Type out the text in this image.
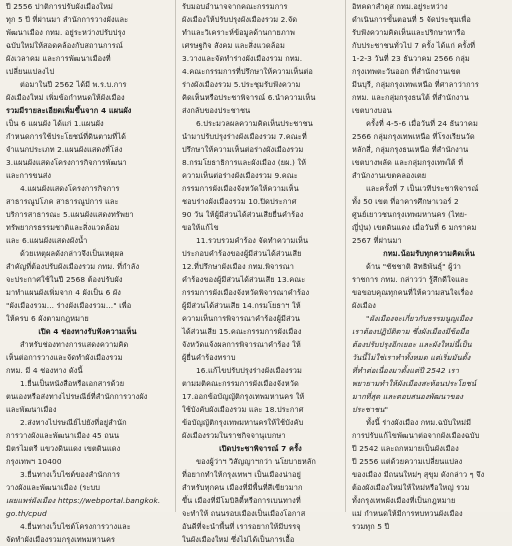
ปี 2556 ปาติการปรับผังเมืองใหม่

ทุก 5 ปี ที่ผ่านมา สำนักการวางผังและ

พัฒนาเมือง กทม. อยู่ระหว่างปรับปรุง

ฉบับใหม่ให้สอดคล้องกับสถานการณ์

ผังเวลาคม และการพัฒนาเมืองที่

เปลี่ยนแปลงไป

ต่อมาในปี 2562 ได้มี พ.ร.บ.การ

ผังเมืองใหม่ เพิ่มข้อกำหนดให้ผังเมือง

รวมมีรายละเอียดเพิ่มขึ้นจาก 4 แผนผัง

เป็น 6 แผนผัง ได้แก่ 1.แผนผัง

กำหนดการใช้ประโยชน์ที่ดินตามที่ได้

จำแนกประเภท 2.แผนผังแสดงที่โล่ง

3.แผนผังแสดงโครงการกิจการพัฒนา

และการขนส่ง

4.แผนผังแสดงโครงการกิจการ

สาธารณูปโภค สาธารณูปการ และ

บริการสาธารณะ 5.แผนผังแสดงทรัพยา

ทรัพยากรธรรมชาติและสิ่งแวดล้อม

และ 6.แผนผังแสดงผังน้ำ

ด้วยเหตุผลดังกล่าวจึงเป็นเหตุผล

สำคัญที่ต้องปรับผังเมืองรวม กทม. ที่กำลัง

จะประกาศใช้ในปี 2568 ต้องปรับผัง

มาทำแผนผังเพิ่มจาก 4 ผังเป็น 6 ผัง

"ผังเมืองรวม... ร่างผังเมืองรวม..." เพื่อ

ให้ครบ 6 ผังตามกฎหมาย

เปิด 4 ช่องทางรับฟังความเห็น

สำหรับช่องทางการแสดงความคิด

เห็นต่อการวางและจัดทำผังเมืองรวม

กทม. มี 4 ช่องทาง ดังนี้

1.ยื่นเป็นหนังสือหรือเอกสารด้วย

ตนเองหรือส่งทางไปรษณีย์ที่สำนักการวางผัง

และพัฒนาเมือง

2.ส่งทางไปรษณีย์ไปยังที่อยู่สำนัก

การวางผังและพัฒนาเมือง 45 ถนน

มิตรไมตรี แขวงดินแดง เขตดินแดง

กรุงเทพฯ 10400

3.ยื่นทางเว็บไซต์ของสำนักการ

วางผังและพัฒนาเมือง (ระบบ

เผยแพร่ผังเมือง https://webportal.bangkok.

go.th/cpud

4.ยื่นทางเว็บไซต์โครงการวางและ

จัดทำผังเมืองรวมกรุงเทพมหานคร

รับมอบอำนาจจากคณะกรรมการ

ผังเมืองให้ปรับปรุงผังเมืองรวม 2.จัด

ทำและวิเคราะห์ข้อมูลด้านกายภาพ

เศรษฐกิจ สังคม และสิ่งแวดล้อม

3.วางและจัดทำร่างผังเมืองรวม กทม.

4.คณะกรรมการที่ปรึกษาให้ความเห็นต่อ

ร่างผังเมืองรวม 5.ประชุมรับฟังความ

คิดเห็นหรือประชาพิจารณ์ 6.นำความเห็น

ส่งกลับของประชาชน

6.ประมวลผลความคิดเห็นประชาชน

นำมาปรับปรุงร่างผังเมืองรวม 7.คณะที่

ปรึกษาให้ความเห็นต่อร่างผังเมืองรวม

8.กรมโยธาธิการและผังเมือง (ยผ.) ให้

ความเห็นต่อร่างผังเมืองรวม 9.คณะ

กรรมการผังเมืองจังหวัดให้ความเห็น

ชอบร่างผังเมืองรวม 10.ปิดประกาศ

90 วัน ให้ผู้มีส่วนได้ส่วนเสียยื่นคำร้อง

ขอให้แก้ไข

11.รวบรวมคำร้อง จัดทำความเห็น

ประกอบคำร้องของผู้มีส่วนได้ส่วนเสีย

12.ที่ปรึกษาผังเมือง กทม.พิจารณา

คำร้องของผู้มีส่วนได้ส่วนเสีย 13.คณะ

กรรมการผังเมืองจังหวัดพิจารณาคำร้อง

ผู้มีส่วนได้ส่วนเสีย 14.กรมโยธาฯ ให้

ความเห็นการพิจารณาคำร้องผู้มีส่วน

ได้ส่วนเสีย 15.คณะกรรมการผังเมือง

จังหวัดแจ้งผลการพิจารณาคำร้อง ให้

ผู้ยื่นคำร้องทราบ

16.แก้ไขปรับปรุงร่างผังเมืองรวม

ตามมติคณะกรรมการผังเมืองจังหวัด

17.ออกข้อบัญญัติกรุงเทพมหานคร ให้

ใช้บังคับผังเมืองรวม และ 18.ประกาศ

ข้อบัญญัติกรุงเทพมหานครให้ใช้บังคับ

ผังเมืองรวมในราชกิจจานุเบกษา

เปิดประชาพิจารณ์ 7 ครั้ง

ของผู้ว่าฯ วิสัญญาฯกว่า นโยบายหลัก

ที่อยากทำให้กรุงเทพฯ เป็นเมืองน่าอยู่

สำหรับทุกคน เมืองที่มีพื้นที่สีเขียวมาก

ขึ้น เมืองที่มีโมบิลิตี้หรือการเบนทางที่

จะทำให้ ถนนรอบเมืองเป็นเมืองโอกาส

อันดีที่จะนำพื้นที่ เรารอยากให้มีบรรจุ

ในผังเมืองใหม่ ซึ่งไม่ได้เป็นการเอื้อ

อิทคดาสำดุส กทม.อยู่ระหว่าง

ดำเนินการขั้นตอนที่ 5 จัดประชุมเพื่อ

รับฟังความคิดเห็นและปริกษาหารือ

กับประชาชนทั่วไป 7 ครั้ง ได้แก่ ครั้งที่

1-2-3 วันที่ 23 ธันวาคม 2566 กลุ่ม

กรุงเทพตะวันออก ที่สำนักงานเขต

มีนบุรี, กลุ่มกรุงเทพเหนือ ที่ศาลาว่าการ

กทม. และกลุ่มกรุงธนใต้ ที่สำนักงาน

เขตบางบอน

ครั้งที่ 4-5-6 เมื่อวันที่ 24 ธันวาคม

2566 กลุ่มกรุงเทพเหนือ ที่โรงเรียนวัด

หลักสี่, กลุ่มกรุงธนเหนือ ที่สำนักงาน

เขตบางพลัด และกลุ่มกรุงเทพใต้ ที่

สำนักงานเขตคลองเตย

และครั้งที่ 7 เป็นเวทีประชาพิจารณ์

ทั้ง 50 เขต ที่อาคารศึกษาเวอร์ 2

ศูนย์เยาวชนกรุงเทพมหานคร (ไทย-

ญี่ปุ่น) เขตดินแดง เมื่อวันที่ 6 มกราคม

2567 ที่ผ่านมา

กทม.น้อมรับทุกความคิดเห็น

ด้าน "ชัชชาติ สิทธิพันธุ์" ผู้ว่า

ราชการ กทม. กล่าวว่า รู้สึกดีใจและ

ขอขอบคุณทุกคนที่ให้ความสนใจเรื่อง

ผังเมือง

"ผังเมืองจะเกี่ยวกับธรรมนูญเมือง

เราต้องปฏิบัติตาม ซึ่งผังเมืองมีข้อมือ

ต้องปรับปรุงอีกเยอะ และผังใหม่นี้เป็น

วันนี้ไม่ใช่เราทำทั้งหมด แต่เริ่มมันตั้ง

ที่ทำต่อเนื่องมาตั้งแต่ปี 2542 เรา

พยายามทำให้ผังเมืองสะท้อนประโยชน์

มากที่สุด และตอบสนองพัฒนาของ

ประชาชน"

ทั้งนี้ ร่างผังเมือง กทม.ฉบับใหม่มี

การปรับแก้ไขพัฒนาต่อจากผังเมืองฉบับ

ปี 2542 และถกหมายเป็นผังเมือง

ปี 2556 แต่ด้วยความเปลี่ยนแปลง

ของเมือง มีถนนใหม่ๆ สุขุม ดังกล่าว ๆ จึง

ต้องผังเมืองใหม่ให้ใหม่หรือใหญ่ รวม

ทั้งกรุงเทพผังเมืองที่เป็นกฎหมาย

แม่ กำหนดให้มีการทบทวนผังเมือง

รวมทุก 5 ปี
